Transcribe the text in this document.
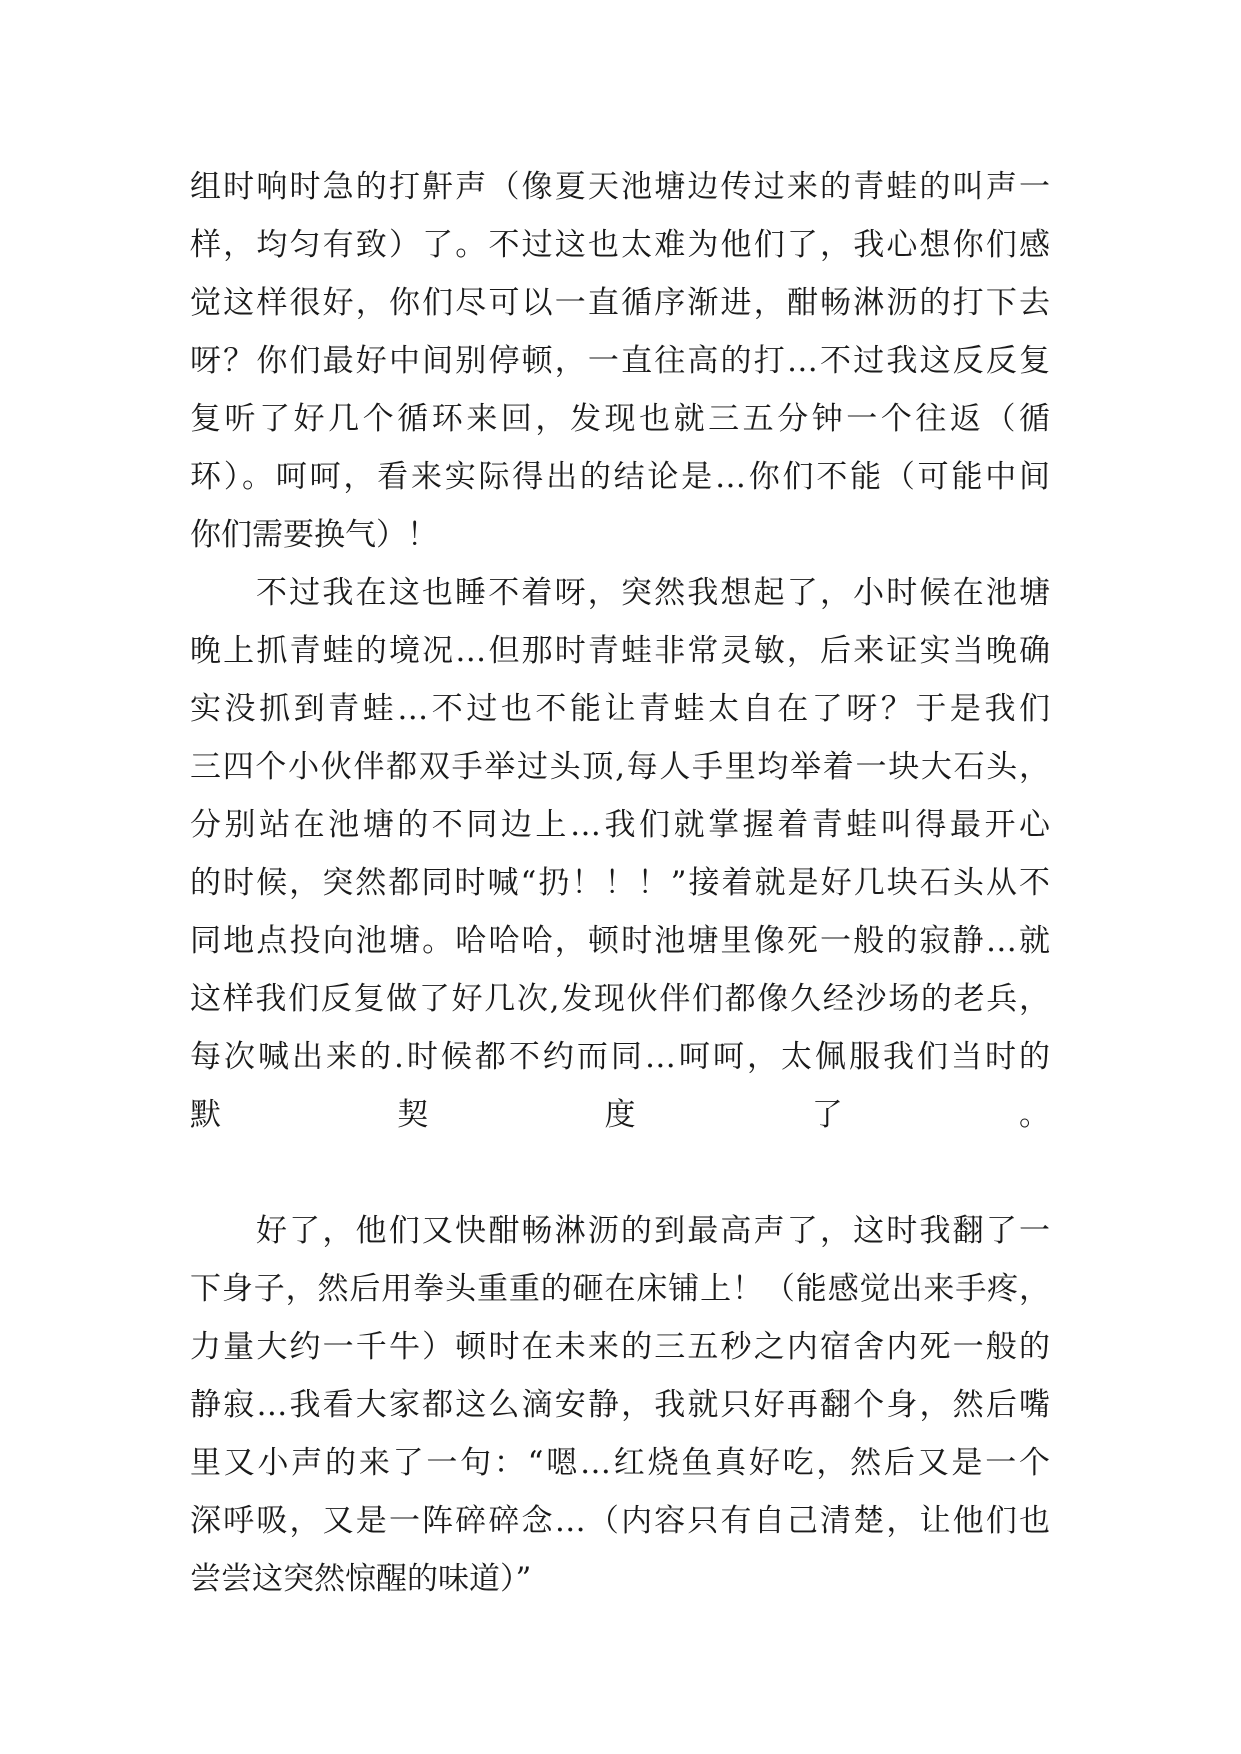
组时响时急的打鼾声（像夏天池塘边传过来的青蛙的叫声一
样，均匀有致）了。不过这也太难为他们了，我心想你们感
觉这样很好，你们尽可以一直循序渐进，酣畅淋沥的打下去
呀？你们最好中间别停顿，一直往高的打…不过我这反反复
复听了好几个循环来回，发现也就三五分钟一个往返（循
环）。呵呵，看来实际得出的结论是…你们不能（可能中间
你们需要换气）！
不过我在这也睡不着呀，突然我想起了，小时候在池塘
晚上抓青蛙的境况…但那时青蛙非常灵敏，后来证实当晚确
实没抓到青蛙…不过也不能让青蛙太自在了呀？于是我们
三四个小伙伴都双手举过头顶,每人手里均举着一块大石头，
分别站在池塘的不同边上…我们就掌握着青蛙叫得最开心
的时候，突然都同时喊“扔！！！”接着就是好几块石头从不
同地点投向池塘。哈哈哈，顿时池塘里像死一般的寂静…就
这样我们反复做了好几次,发现伙伴们都像久经沙场的老兵，
每次喊出来的.时候都不约而同…呵呵，太佩服我们当时的
默契度了。
好了，他们又快酣畅淋沥的到最高声了，这时我翻了一
下身子，然后用拳头重重的砸在床铺上！（能感觉出来手疼，
力量大约一千牛）顿时在未来的三五秒之内宿舍内死一般的
静寂…我看大家都这么滴安静，我就只好再翻个身，然后嘴
里又小声的来了一句：“嗯…红烧鱼真好吃，然后又是一个
深呼吸，又是一阵碎碎念…（内容只有自己清楚，让他们也
尝尝这突然惊醒的味道）”
